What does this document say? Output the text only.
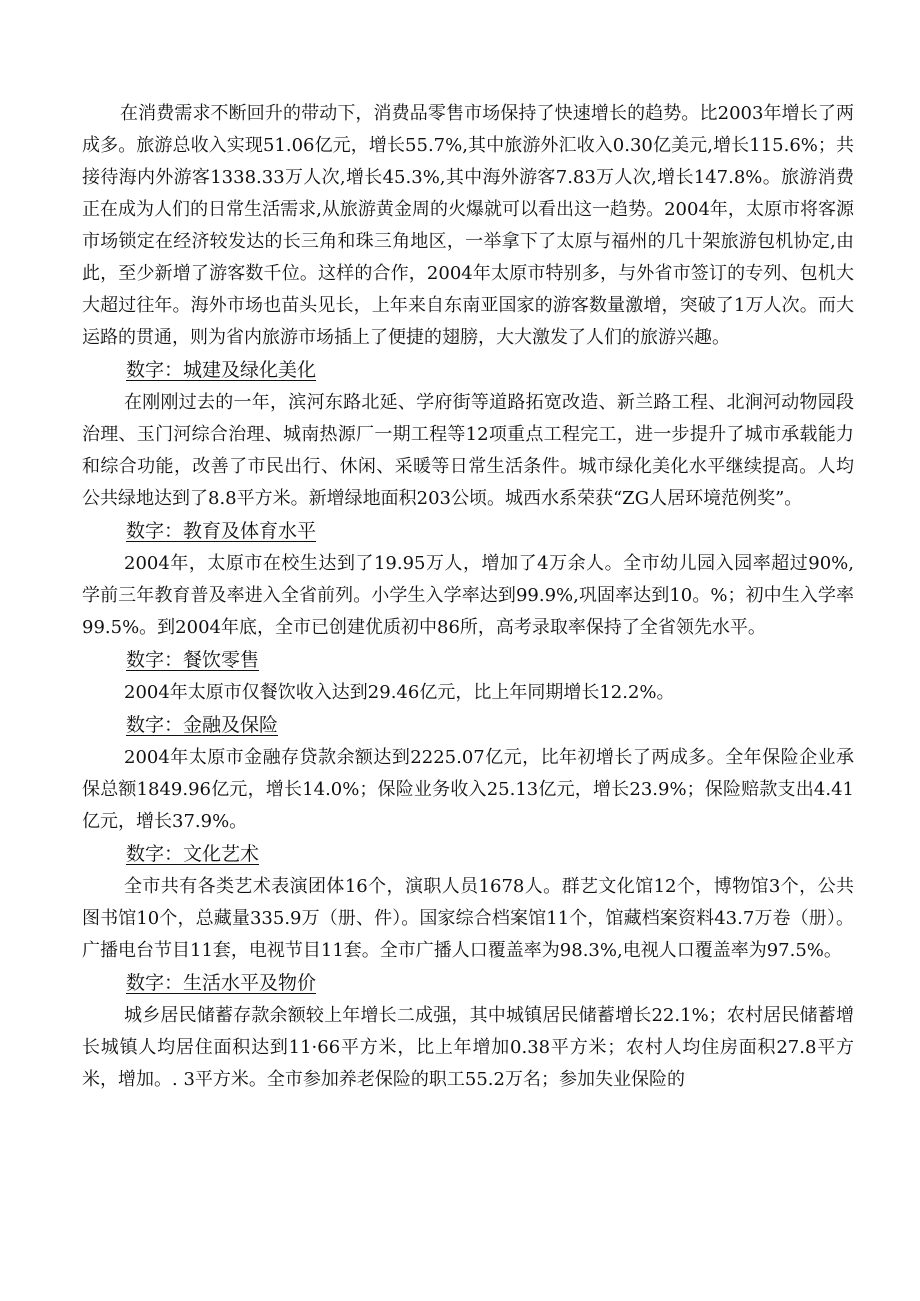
在消费需求不断回升的带动下，消费品零售市场保持了快速增长的趋势。比2003年增长了两成多。旅游总收入实现51.06亿元，增长55.7%,其中旅游外汇收入0.30亿美元,增长115.6%；共接待海内外游客1338.33万人次,增长45.3%,其中海外游客7.83万人次,增长147.8%。旅游消费正在成为人们的日常生活需求,从旅游黄金周的火爆就可以看出这一趋势。2004年，太原市将客源市场锁定在经济较发达的长三角和珠三角地区，一举拿下了太原与福州的几十架旅游包机协定,由此，至少新增了游客数千位。这样的合作，2004年太原市特别多，与外省市签订的专列、包机大大超过往年。海外市场也苗头见长，上年来自东南亚国家的游客数量激增，突破了1万人次。而大运路的贯通，则为省内旅游市场插上了便捷的翅膀，大大激发了人们的旅游兴趣。

数字：城建及绿化美化

在刚刚过去的一年，滨河东路北延、学府街等道路拓宽改造、新兰路工程、北涧河动物园段治理、玉门河综合治理、城南热源厂一期工程等12项重点工程完工，进一步提升了城市承载能力和综合功能，改善了市民出行、休闲、采暖等日常生活条件。城市绿化美化水平继续提高。人均公共绿地达到了8.8平方米。新增绿地面积203公顷。城西水系荣获“ZG人居环境范例奖”。

数字：教育及体育水平

2004年，太原市在校生达到了19.95万人，增加了4万余人。全市幼儿园入园率超过90%,学前三年教育普及率进入全省前列。小学生入学率达到99.9%,巩固率达到10。%；初中生入学率99.5%。到2004年底，全市已创建优质初中86所，高考录取率保持了全省领先水平。

数字：餐饮零售

2004年太原市仅餐饮收入达到29.46亿元，比上年同期增长12.2%。

数字：金融及保险

2004年太原市金融存贷款余额达到2225.07亿元，比年初增长了两成多。全年保险企业承保总额1849.96亿元，增长14.0%；保险业务收入25.13亿元，增长23.9%；保险赔款支出4.41亿元，增长37.9%。

数字：文化艺术

全市共有各类艺术表演团体16个，演职人员1678人。群艺文化馆12个，博物馆3个，公共图书馆10个，总藏量335.9万（册、件）。国家综合档案馆11个，馆藏档案资料43.7万卷（册）。广播电台节目11套，电视节目11套。全市广播人口覆盖率为98.3%,电视人口覆盖率为97.5%。

数字：生活水平及物价

城乡居民储蓄存款余额较上年增长二成强，其中城镇居民储蓄增长22.1%；农村居民储蓄增长城镇人均居住面积达到11·66平方米，比上年增加0.38平方米；农村人均住房面积27.8平方米，增加。. 3平方米。全市参加养老保险的职工55.2万名；参加失业保险的
